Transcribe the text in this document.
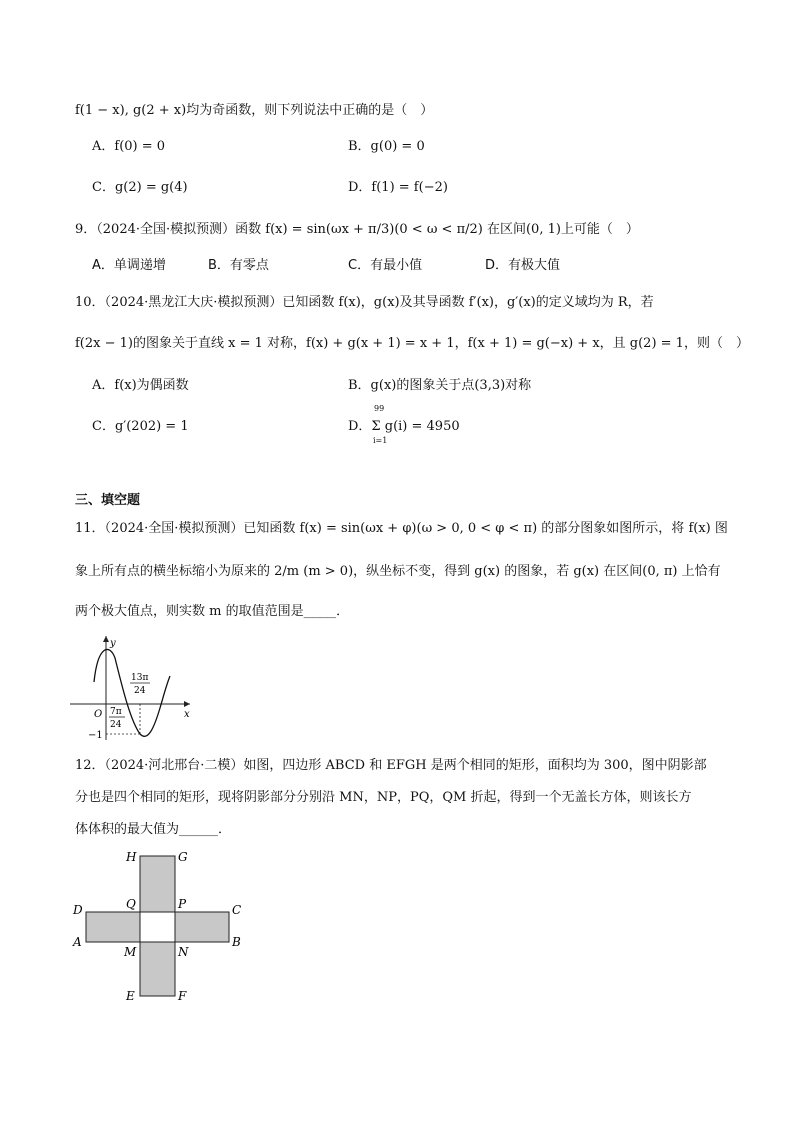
f(1 − x), g(2 + x)均为奇函数，则下列说法中正确的是（　）
A．f(0) = 0	B．g(0) = 0
C．g(2) = g(4)	D．f(1) = f(−2)
9．（2024·全国·模拟预测）函数 f(x) = sin(ωx + π/3)(0 < ω < π/2) 在区间(0, 1)上可能（　）
A．单调递增	B．有零点	C．有最小值	D．有极大值
10．（2024·黑龙江大庆·模拟预测）已知函数 f(x)，g(x)及其导函数 f′(x)，g′(x)的定义域均为 R，若
f(2x − 1)的图象关于直线 x = 1 对称，f(x) + g(x + 1) = x + 1，f(x + 1) = g(−x) + x，且 g(2) = 1，则（　）
A．f(x)为偶函数	B．g(x)的图象关于点(3,3)对称
C．g′(202) = 1	D．Σ g(i) = 4950
99
i=1
三、填空题
11．（2024·全国·模拟预测）已知函数 f(x) = sin(ωx + φ)(ω > 0, 0 < φ < π) 的部分图象如图所示，将 f(x) 图
象上所有点的横坐标缩小为原来的 2/m (m > 0)，纵坐标不变，得到 g(x) 的图象，若 g(x) 在区间(0, π) 上恰有
两个极大值点，则实数 m 的取值范围是_____．
y
x
O
13π
24
7π
24
−1
12．（2024·河北邢台·二模）如图，四边形 ABCD 和 EFGH 是两个相同的矩形，面积均为 300，图中阴影部
分也是四个相同的矩形，现将阴影部分分别沿 MN，NP，PQ，QM 折起，得到一个无盖长方体，则该长方
体体积的最大值为______．
H	G
D	C
A	B
Q	P
M	N
E	F
